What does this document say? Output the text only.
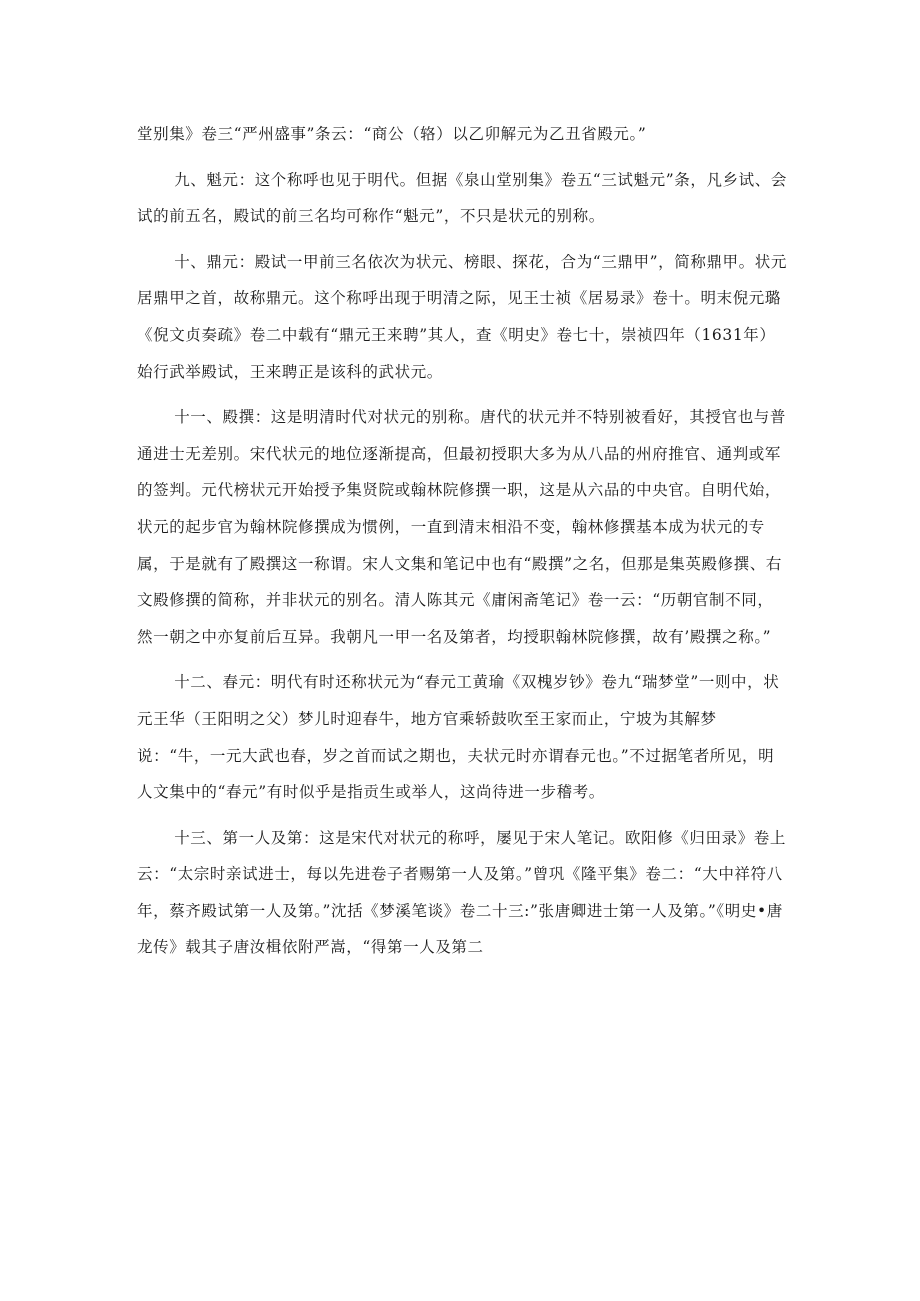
堂别集》卷三“严州盛事”条云：“商公（辂）以乙卯解元为乙丑省殿元。”

九、魁元：这个称呼也见于明代。但据《泉山堂别集》卷五“三试魁元”条，凡乡试、会试的前五名，殿试的前三名均可称作“魁元”，不只是状元的别称。

十、鼎元：殿试一甲前三名依次为状元、榜眼、探花，合为“三鼎甲”，简称鼎甲。状元居鼎甲之首，故称鼎元。这个称呼出现于明清之际，见王士祯《居易录》卷十。明末倪元璐《倪文贞奏疏》卷二中载有“鼎元王来聘”其人，查《明史》卷七十，崇祯四年（1631年）始行武举殿试，王来聘正是该科的武状元。

十一、殿撰：这是明清时代对状元的别称。唐代的状元并不特别被看好，其授官也与普通进士无差别。宋代状元的地位逐渐提高，但最初授职大多为从八品的州府推官、通判或军的签判。元代榜状元开始授予集贤院或翰林院修撰一职，这是从六品的中央官。自明代始，状元的起步官为翰林院修撰成为惯例，一直到清末相沿不变，翰林修撰基本成为状元的专属，于是就有了殿撰这一称谓。宋人文集和笔记中也有“殿撰”之名，但那是集英殿修撰、右文殿修撰的简称，并非状元的别名。清人陈其元《庸闲斋笔记》卷一云：“历朝官制不同，然一朝之中亦复前后互异。我朝凡一甲一名及第者，均授职翰林院修撰，故有’殿撰之称。”

十二、春元：明代有时还称状元为“春元工黄瑜《双槐岁钞》卷九“瑞梦堂”一则中，状元王华（王阳明之父）梦儿时迎春牛，地方官乘轿鼓吹至王家而止，宁坡为其解梦说：“牛，一元大武也春，岁之首而试之期也，夫状元时亦谓春元也。”不过据笔者所见，明人文集中的“春元”有时似乎是指贡生或举人，这尚待进一步稽考。

十三、第一人及第：这是宋代对状元的称呼，屡见于宋人笔记。欧阳修《归田录》卷上云：“太宗时亲试进士，每以先进卷子者赐第一人及第。”曾巩《隆平集》卷二：“大中祥符八年，蔡齐殿试第一人及第。”沈括《梦溪笔谈》卷二十三:”张唐卿进士第一人及第。”《明史•唐龙传》载其子唐汝楫依附严嵩，“得第一人及第二
